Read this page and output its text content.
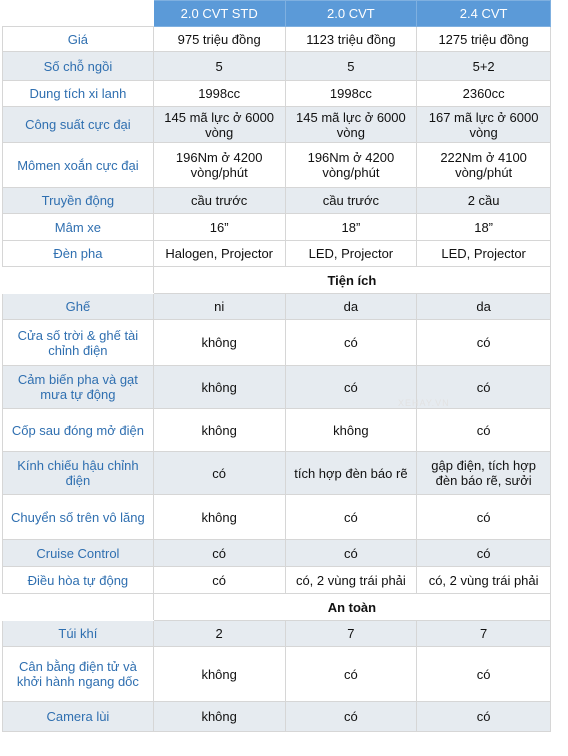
	2.0 CVT STD	2.0 CVT	2.4 CVT
Giá	975 triệu đồng	1123 triệu đồng	1275 triệu đồng
Số chỗ ngồi	5	5	5+2
Dung tích xi lanh	1998cc	1998cc	2360cc
Công suất cực đại	145 mã lực ở 6000 vòng	145 mã lực ở 6000 vòng	167 mã lực ở 6000 vòng
Mômen xoắn cực đại	196Nm ở 4200 vòng/phút	196Nm ở 4200 vòng/phút	222Nm ở 4100 vòng/phút
Truyền động	cầu trước	cầu trước	2 cầu
Mâm xe	16”	18”	18”
Đèn pha	Halogen, Projector	LED, Projector	LED, Projector
	Tiện ích		
Ghế	ni	da	da
Cửa số trời & ghế tài chỉnh điện	không	có	có
Cảm biến pha và gạt mưa tự động	không	có	có
Cốp sau đóng mở điện	không	không	có
Kính chiếu hậu chỉnh điện	có	tích hợp đèn báo rẽ	gập điện, tích hợp đèn báo rẽ, sưởi
Chuyển số trên vô lăng	không	có	có
Cruise Control	có	có	có
Điều hòa tự động	có	có, 2 vùng trái phải	có, 2 vùng trái phải
	An toàn		
Túi khí	2	7	7
Cân bằng điện tử và khởi hành ngang dốc	không	có	có
Camera lùi	không	có	có
XEHAY.VN
